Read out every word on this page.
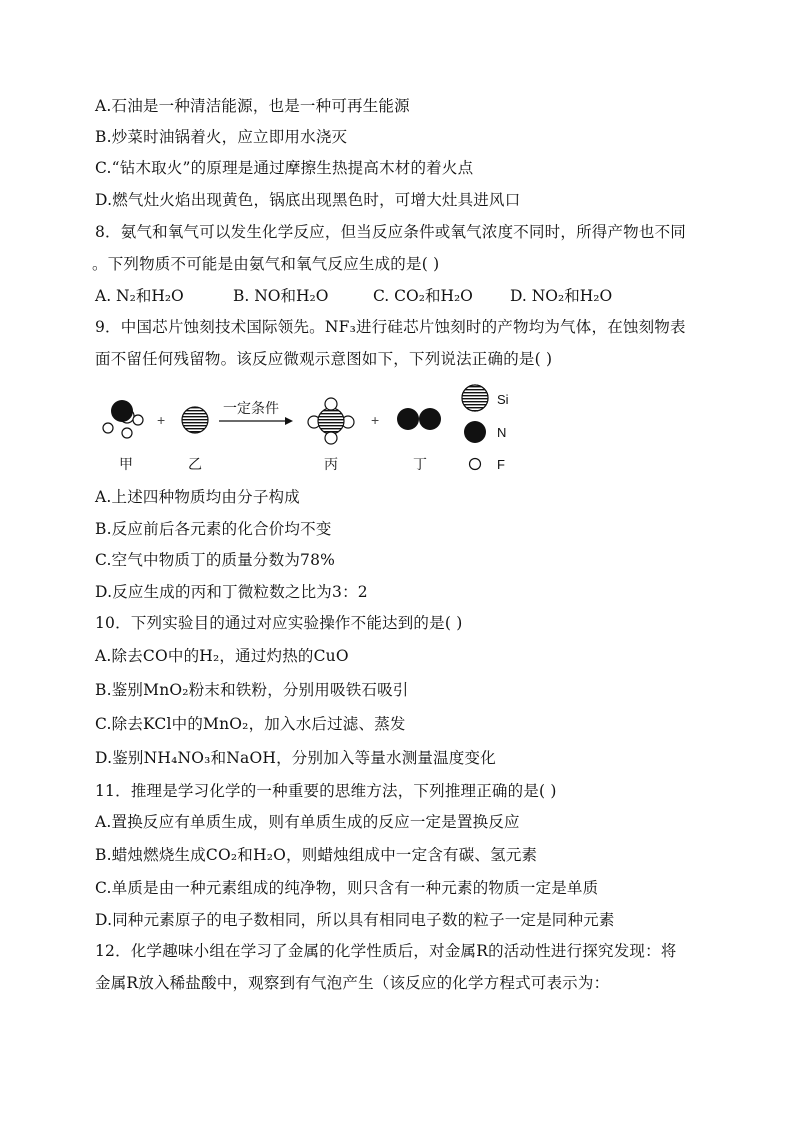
A.石油是一种清洁能源，也是一种可再生能源
B.炒菜时油锅着火，应立即用水浇灭
C.“钻木取火”的原理是通过摩擦生热提高木材的着火点
D.燃气灶火焰出现黄色，锅底出现黑色时，可增大灶具进风口
8．氨气和氧气可以发生化学反应，但当反应条件或氧气浓度不同时，所得产物也不同
。下列物质不可能是由氨气和氧气反应生成的是( )
A. N₂和H₂O	B. NO和H₂O	C. CO₂和H₂O D. NO₂和H₂O
9．中国芯片蚀刻技术国际领先。NF₃进行硅芯片蚀刻时的产物均为气体，在蚀刻物表
面不留任何残留物。该反应微观示意图如下，下列说法正确的是( )
+
一定条件
+
甲	乙	丙	丁
Si
N
F
A.上述四种物质均由分子构成
B.反应前后各元素的化合价均不变
C.空气中物质丁的质量分数为78%
D.反应生成的丙和丁微粒数之比为3：2
10．下列实验目的通过对应实验操作不能达到的是( )
A.除去CO中的H₂，通过灼热的CuO
B.鉴别MnO₂粉末和铁粉，分别用吸铁石吸引
C.除去KCl中的MnO₂，加入水后过滤、蒸发
D.鉴别NH₄NO₃和NaOH，分别加入等量水测量温度变化
11．推理是学习化学的一种重要的思维方法，下列推理正确的是( )
A.置换反应有单质生成，则有单质生成的反应一定是置换反应
B.蜡烛燃烧生成CO₂和H₂O，则蜡烛组成中一定含有碳、氢元素
C.单质是由一种元素组成的纯净物，则只含有一种元素的物质一定是单质
D.同种元素原子的电子数相同，所以具有相同电子数的粒子一定是同种元素
12．化学趣味小组在学习了金属的化学性质后，对金属R的活动性进行探究发现：将
金属R放入稀盐酸中，观察到有气泡产生（该反应的化学方程式可表示为：
